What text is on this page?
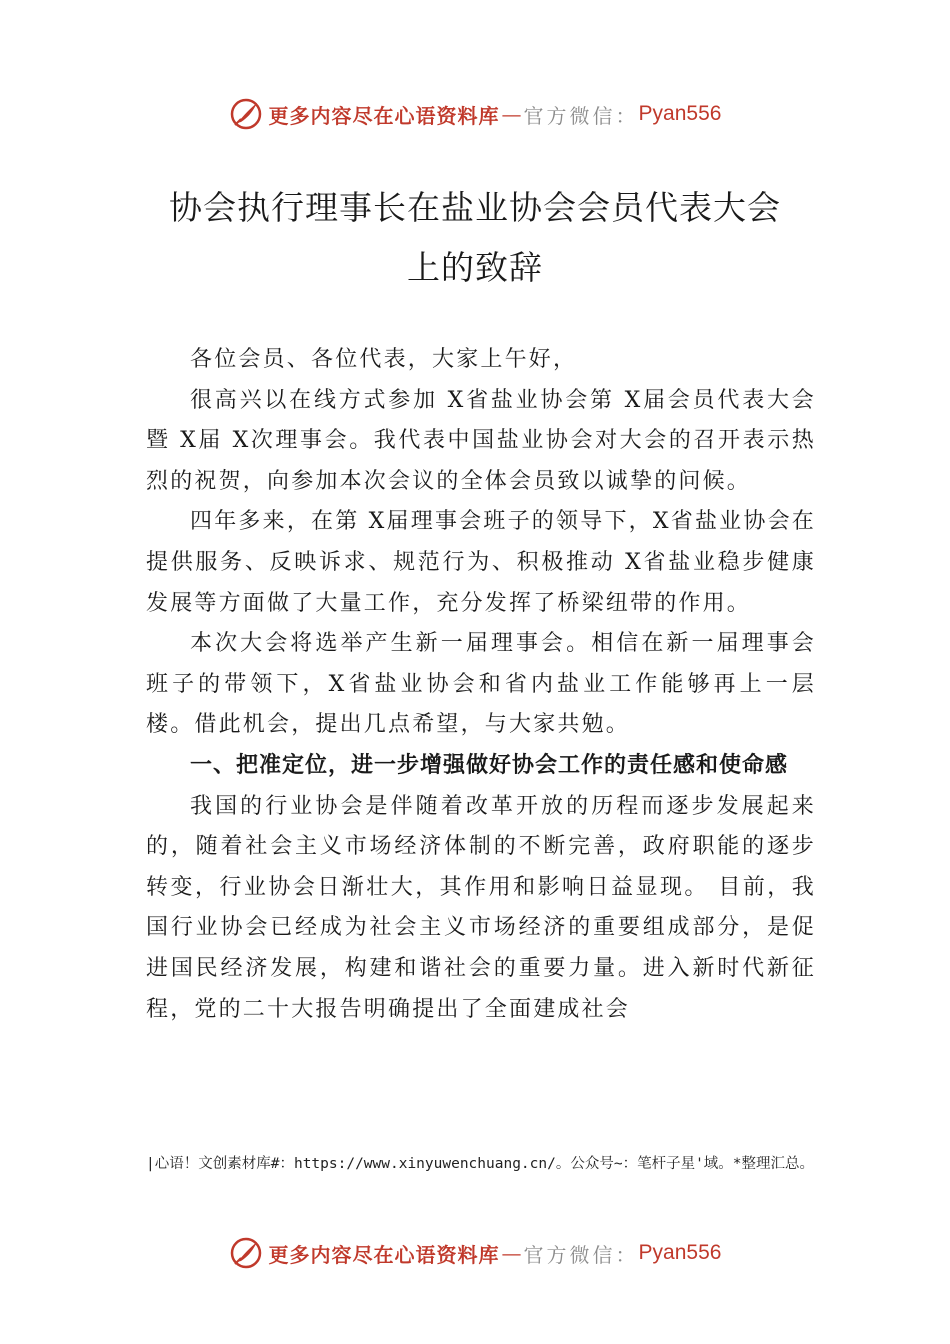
更多内容尽在心语资料库 — 官方微信： Pyan556
协会执行理事长在盐业协会会员代表大会
上的致辞

各位会员、各位代表，大家上午好，

很高兴以在线方式参加 X省盐业协会第 X届会员代表大会暨 X届 X次理事会。我代表中国盐业协会对大会的召开表示热烈的祝贺，向参加本次会议的全体会员致以诚挚的问候。

四年多来，在第 X届理事会班子的领导下，X省盐业协会在提供服务、反映诉求、规范行为、积极推动 X省盐业稳步健康发展等方面做了大量工作，充分发挥了桥梁纽带的作用。

本次大会将选举产生新一届理事会。相信在新一届理事会班子的带领下，X省盐业协会和省内盐业工作能够再上一层楼。借此机会，提出几点希望，与大家共勉。

一、把准定位，进一步增强做好协会工作的责任感和使命感

我国的行业协会是伴随着改革开放的历程而逐步发展起来的，随着社会主义市场经济体制的不断完善，政府职能的逐步转变，行业协会日渐壮大，其作用和影响日益显现。 目前，我国行业协会已经成为社会主义市场经济的重要组成部分，是促进国民经济发展，构建和谐社会的重要力量。进入新时代新征程，党的二十大报告明确提出了全面建成社会

|心语！文创素材库#：https://www.xinyuwenchuang.cn/。公众号~：笔杆子星'域。*整理汇总。
更多内容尽在心语资料库 — 官方微信： Pyan556
